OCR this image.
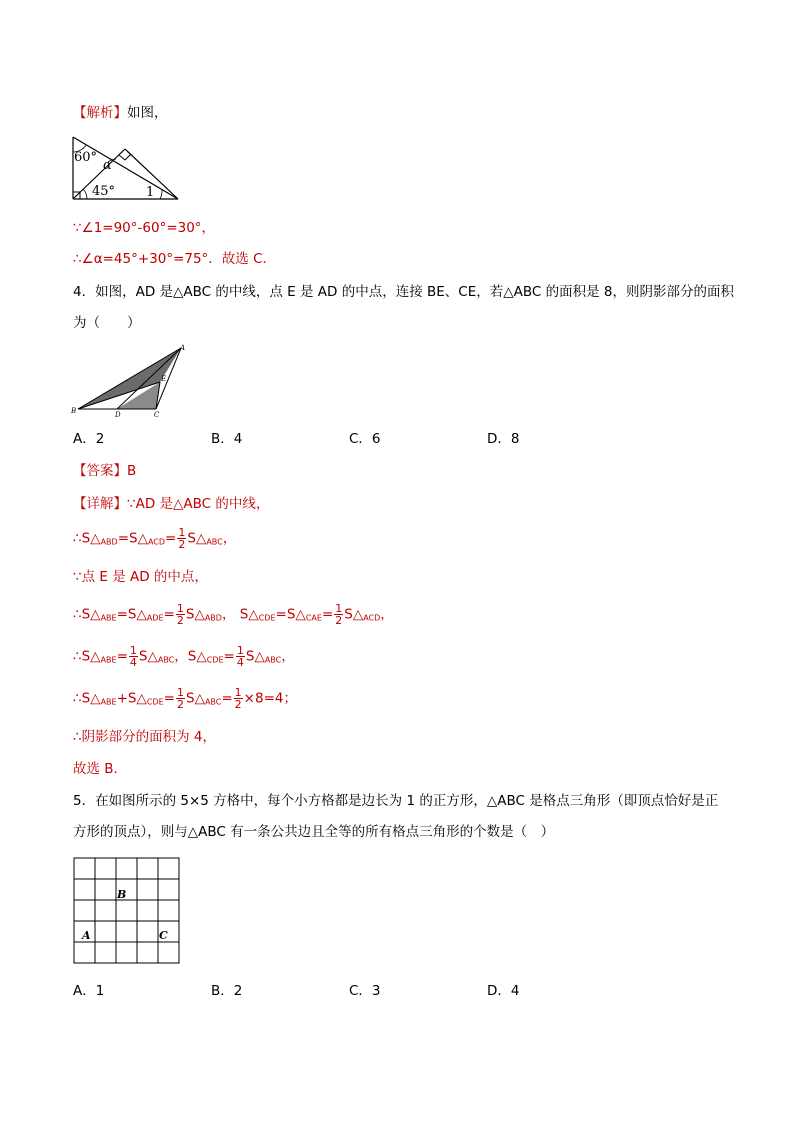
【解析】如图，
60°
α
45° 1
∵∠1=90°-60°=30°，
∴∠α=45°+30°=75°．故选 C．
4．如图，AD 是△ABC 的中线，点 E 是 AD 的中点，连接 BE、CE，若△ABC 的面积是 8，则阴影部分的面积
为（　　）
A
B	C
D
E
A．2	B．4	C．6	D．8
【答案】B
【详解】∵AD 是△ABC 的中线，
$\therefore S\triangle_{ABD}=S\triangle_{ACD}= \frac{1}{2}$ $S\triangle_{ABC}$，
∵点 E 是 AD 的中点，
$\therefore S\triangle_{ABE}=S\triangle_{ADE}= \frac{1}{2}$ $S\triangle_{ABD}$， $S\triangle_{CDE}=S\triangle_{CAE}= \frac{1}{2}$ $S\triangle_{ACD}$，
$\therefore S\triangle_{ABE}= \frac{1}{4}$ $S\triangle_{ABC}$，$S\triangle_{CDE}= \frac{1}{4}$ $S\triangle_{ABC}$，
$\therefore S\triangle_{ABE}+S\triangle_{CDE}= \frac{1}{2}$ $S\triangle_{ABC}= \frac{1}{2} \times 8=4$；
∴阴影部分的面积为 4，
故选 B．
5．在如图所示的 5×5 方格中，每个小方格都是边长为 1 的正方形，△ABC 是格点三角形（即顶点恰好是正
方形的顶点），则与△ABC 有一条公共边且全等的所有格点三角形的个数是（　）
B
A	C
A．1	B．2	C．3	D．4
